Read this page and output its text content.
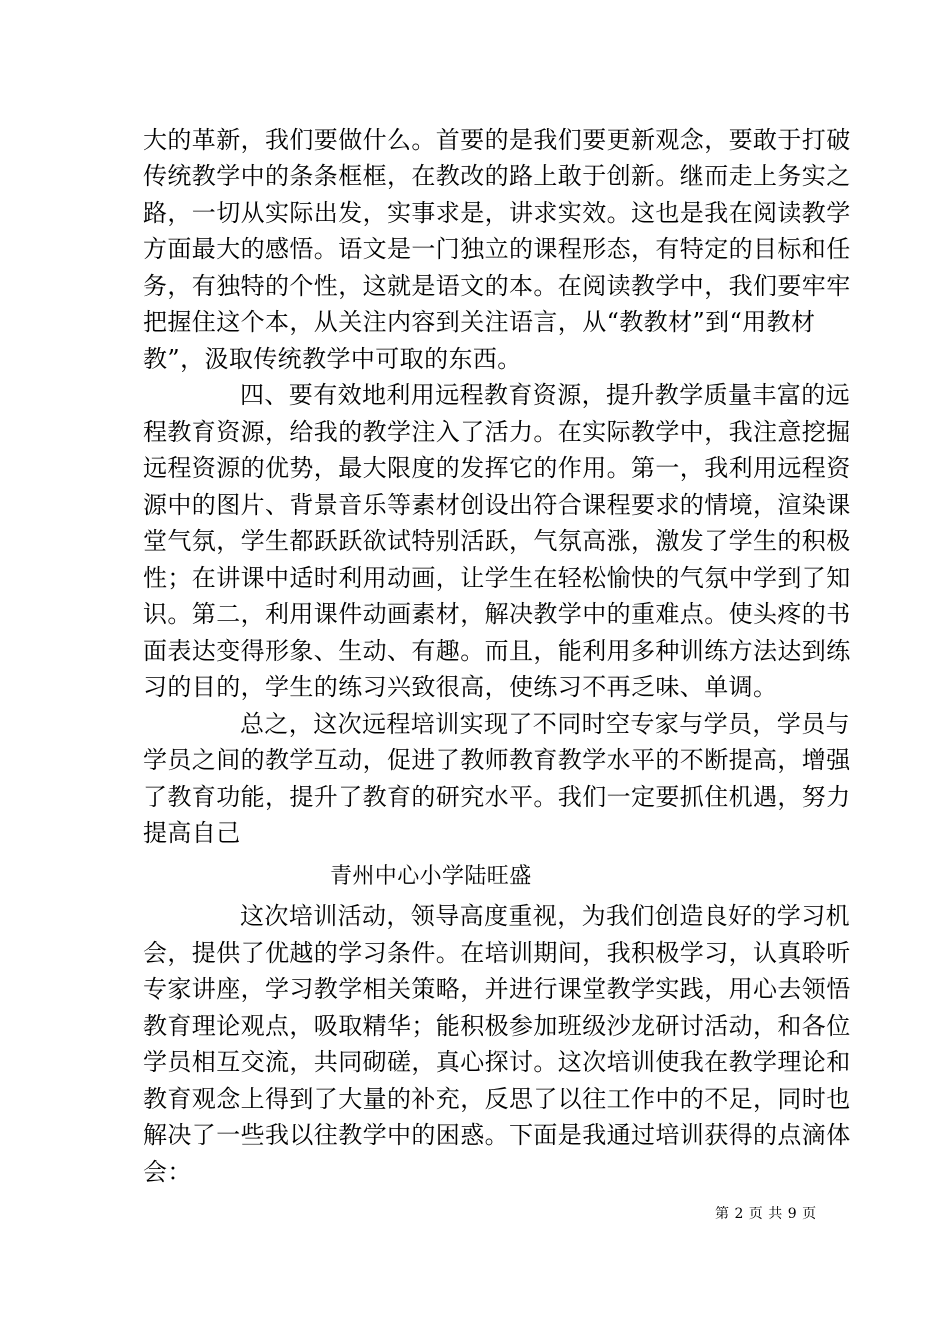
大的革新，我们要做什么。首要的是我们要更新观念，要敢于打破
传统教学中的条条框框，在教改的路上敢于创新。继而走上务实之
路，一切从实际出发，实事求是，讲求实效。这也是我在阅读教学
方面最大的感悟。语文是一门独立的课程形态，有特定的目标和任
务，有独特的个性，这就是语文的本。在阅读教学中，我们要牢牢
把握住这个本，从关注内容到关注语言，从“教教材”到“用教材
教”，汲取传统教学中可取的东西。
四、要有效地利用远程教育资源，提升教学质量丰富的远
程教育资源，给我的教学注入了活力。在实际教学中，我注意挖掘
远程资源的优势，最大限度的发挥它的作用。第一，我利用远程资
源中的图片、背景音乐等素材创设出符合课程要求的情境，渲染课
堂气氛，学生都跃跃欲试特别活跃，气氛高涨，激发了学生的积极
性；在讲课中适时利用动画，让学生在轻松愉快的气氛中学到了知
识。第二，利用课件动画素材，解决教学中的重难点。使头疼的书
面表达变得形象、生动、有趣。而且，能利用多种训练方法达到练
习的目的，学生的练习兴致很高，使练习不再乏味、单调。
总之，这次远程培训实现了不同时空专家与学员，学员与
学员之间的教学互动，促进了教师教育教学水平的不断提高，增强
了教育功能，提升了教育的研究水平。我们一定要抓住机遇，努力
提高自己
青州中心小学陆旺盛
这次培训活动，领导高度重视，为我们创造良好的学习机
会，提供了优越的学习条件。在培训期间，我积极学习，认真聆听
专家讲座，学习教学相关策略，并进行课堂教学实践，用心去领悟
教育理论观点，吸取精华；能积极参加班级沙龙研讨活动，和各位
学员相互交流，共同砌磋，真心探讨。这次培训使我在教学理论和
教育观念上得到了大量的补充，反思了以往工作中的不足，同时也
解决了一些我以往教学中的困惑。下面是我通过培训获得的点滴体
会：
第 2 页 共 9 页
